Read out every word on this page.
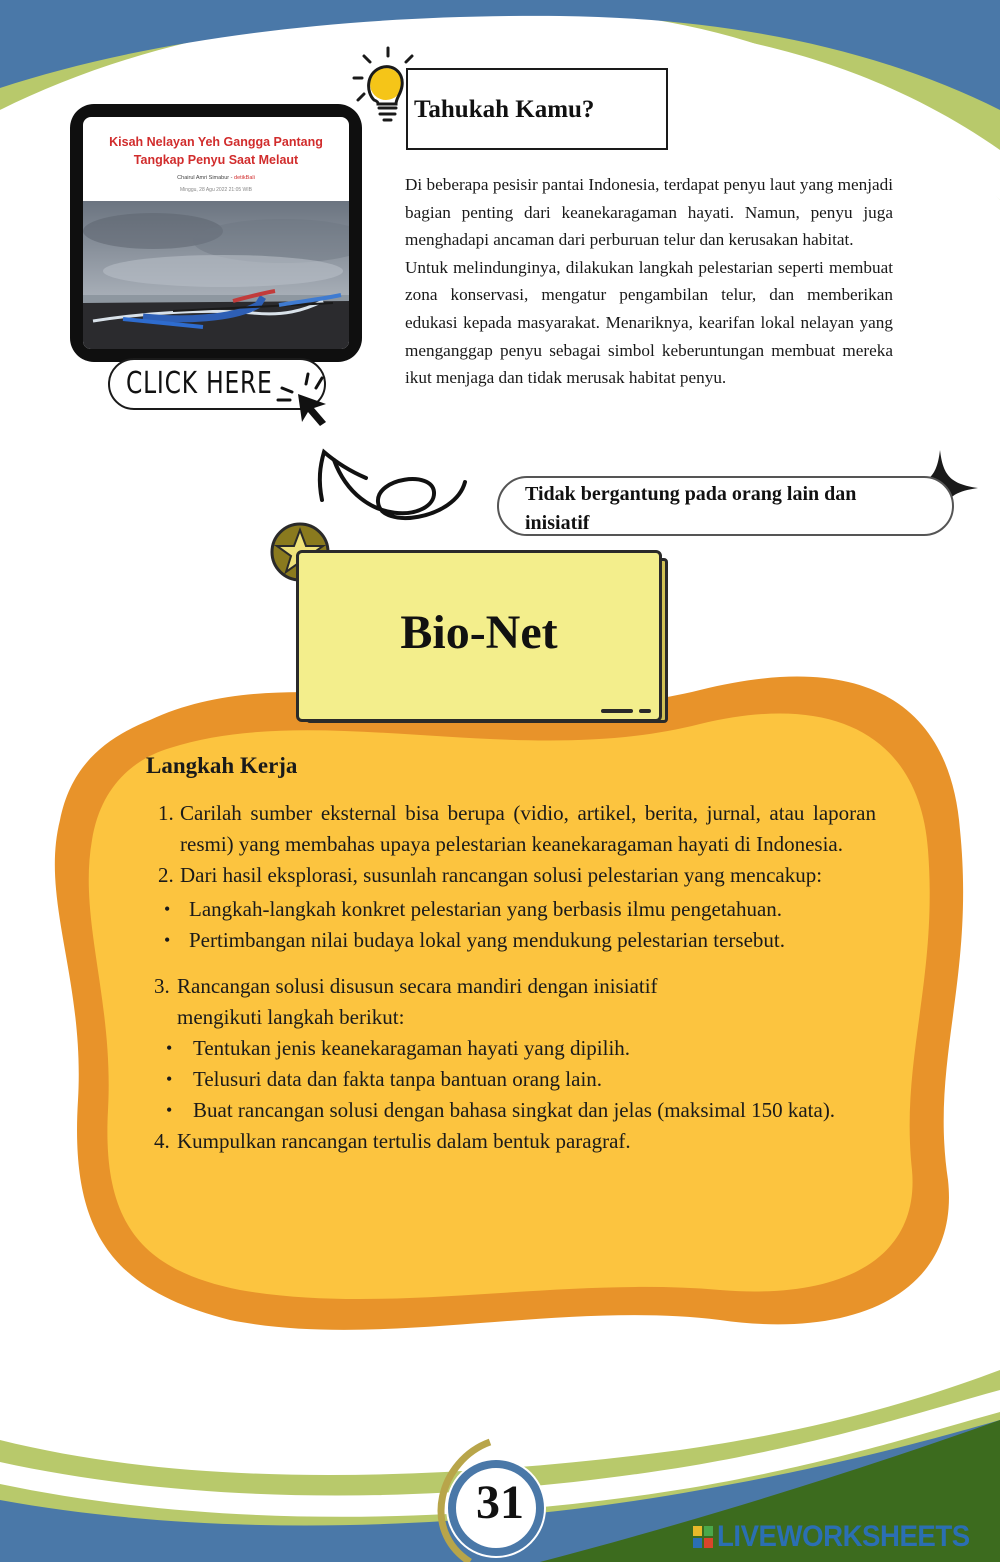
Kisah Nelayan Yeh Gangga Pantang Tangkap Penyu Saat Melaut
Chairul Amri Simabur - detikBali
Minggu, 28 Agu 2022 21:05 WIB
CLICK HERE
Tahukah Kamu?

Di beberapa pesisir pantai Indonesia, terdapat penyu laut yang menjadi bagian penting dari keanekaragaman hayati. Namun, penyu juga menghadapi ancaman dari perburuan telur dan kerusakan habitat.

Untuk melindunginya, dilakukan langkah pelestarian seperti membuat zona konservasi, mengatur pengambilan telur, dan memberikan edukasi kepada masyarakat. Menariknya, kearifan lokal nelayan yang menganggap penyu sebagai simbol keberuntungan membuat mereka ikut menjaga dan tidak merusak habitat penyu.

Tidak bergantung pada orang lain dan inisiatif
Bio-Net
Langkah Kerja
1. Carilah sumber eksternal bisa berupa (vidio, artikel, berita, jurnal, atau laporan resmi) yang membahas upaya pelestarian keanekaragaman hayati di Indonesia.
2. Dari hasil eksplorasi, susunlah rancangan solusi pelestarian yang mencakup:
• Langkah-langkah konkret pelestarian yang berbasis ilmu pengetahuan.
• Pertimbangan nilai budaya lokal yang mendukung pelestarian tersebut.
3. Rancangan solusi disusun secara mandiri dengan inisiatif
mengikuti langkah berikut:
• Tentukan jenis keanekaragaman hayati yang dipilih.
• Telusuri data dan fakta tanpa bantuan orang lain.
• Buat rancangan solusi dengan bahasa singkat dan jelas (maksimal 150 kata).
4. Kumpulkan rancangan tertulis dalam bentuk paragraf.
31
LIVEWORKSHEETS
